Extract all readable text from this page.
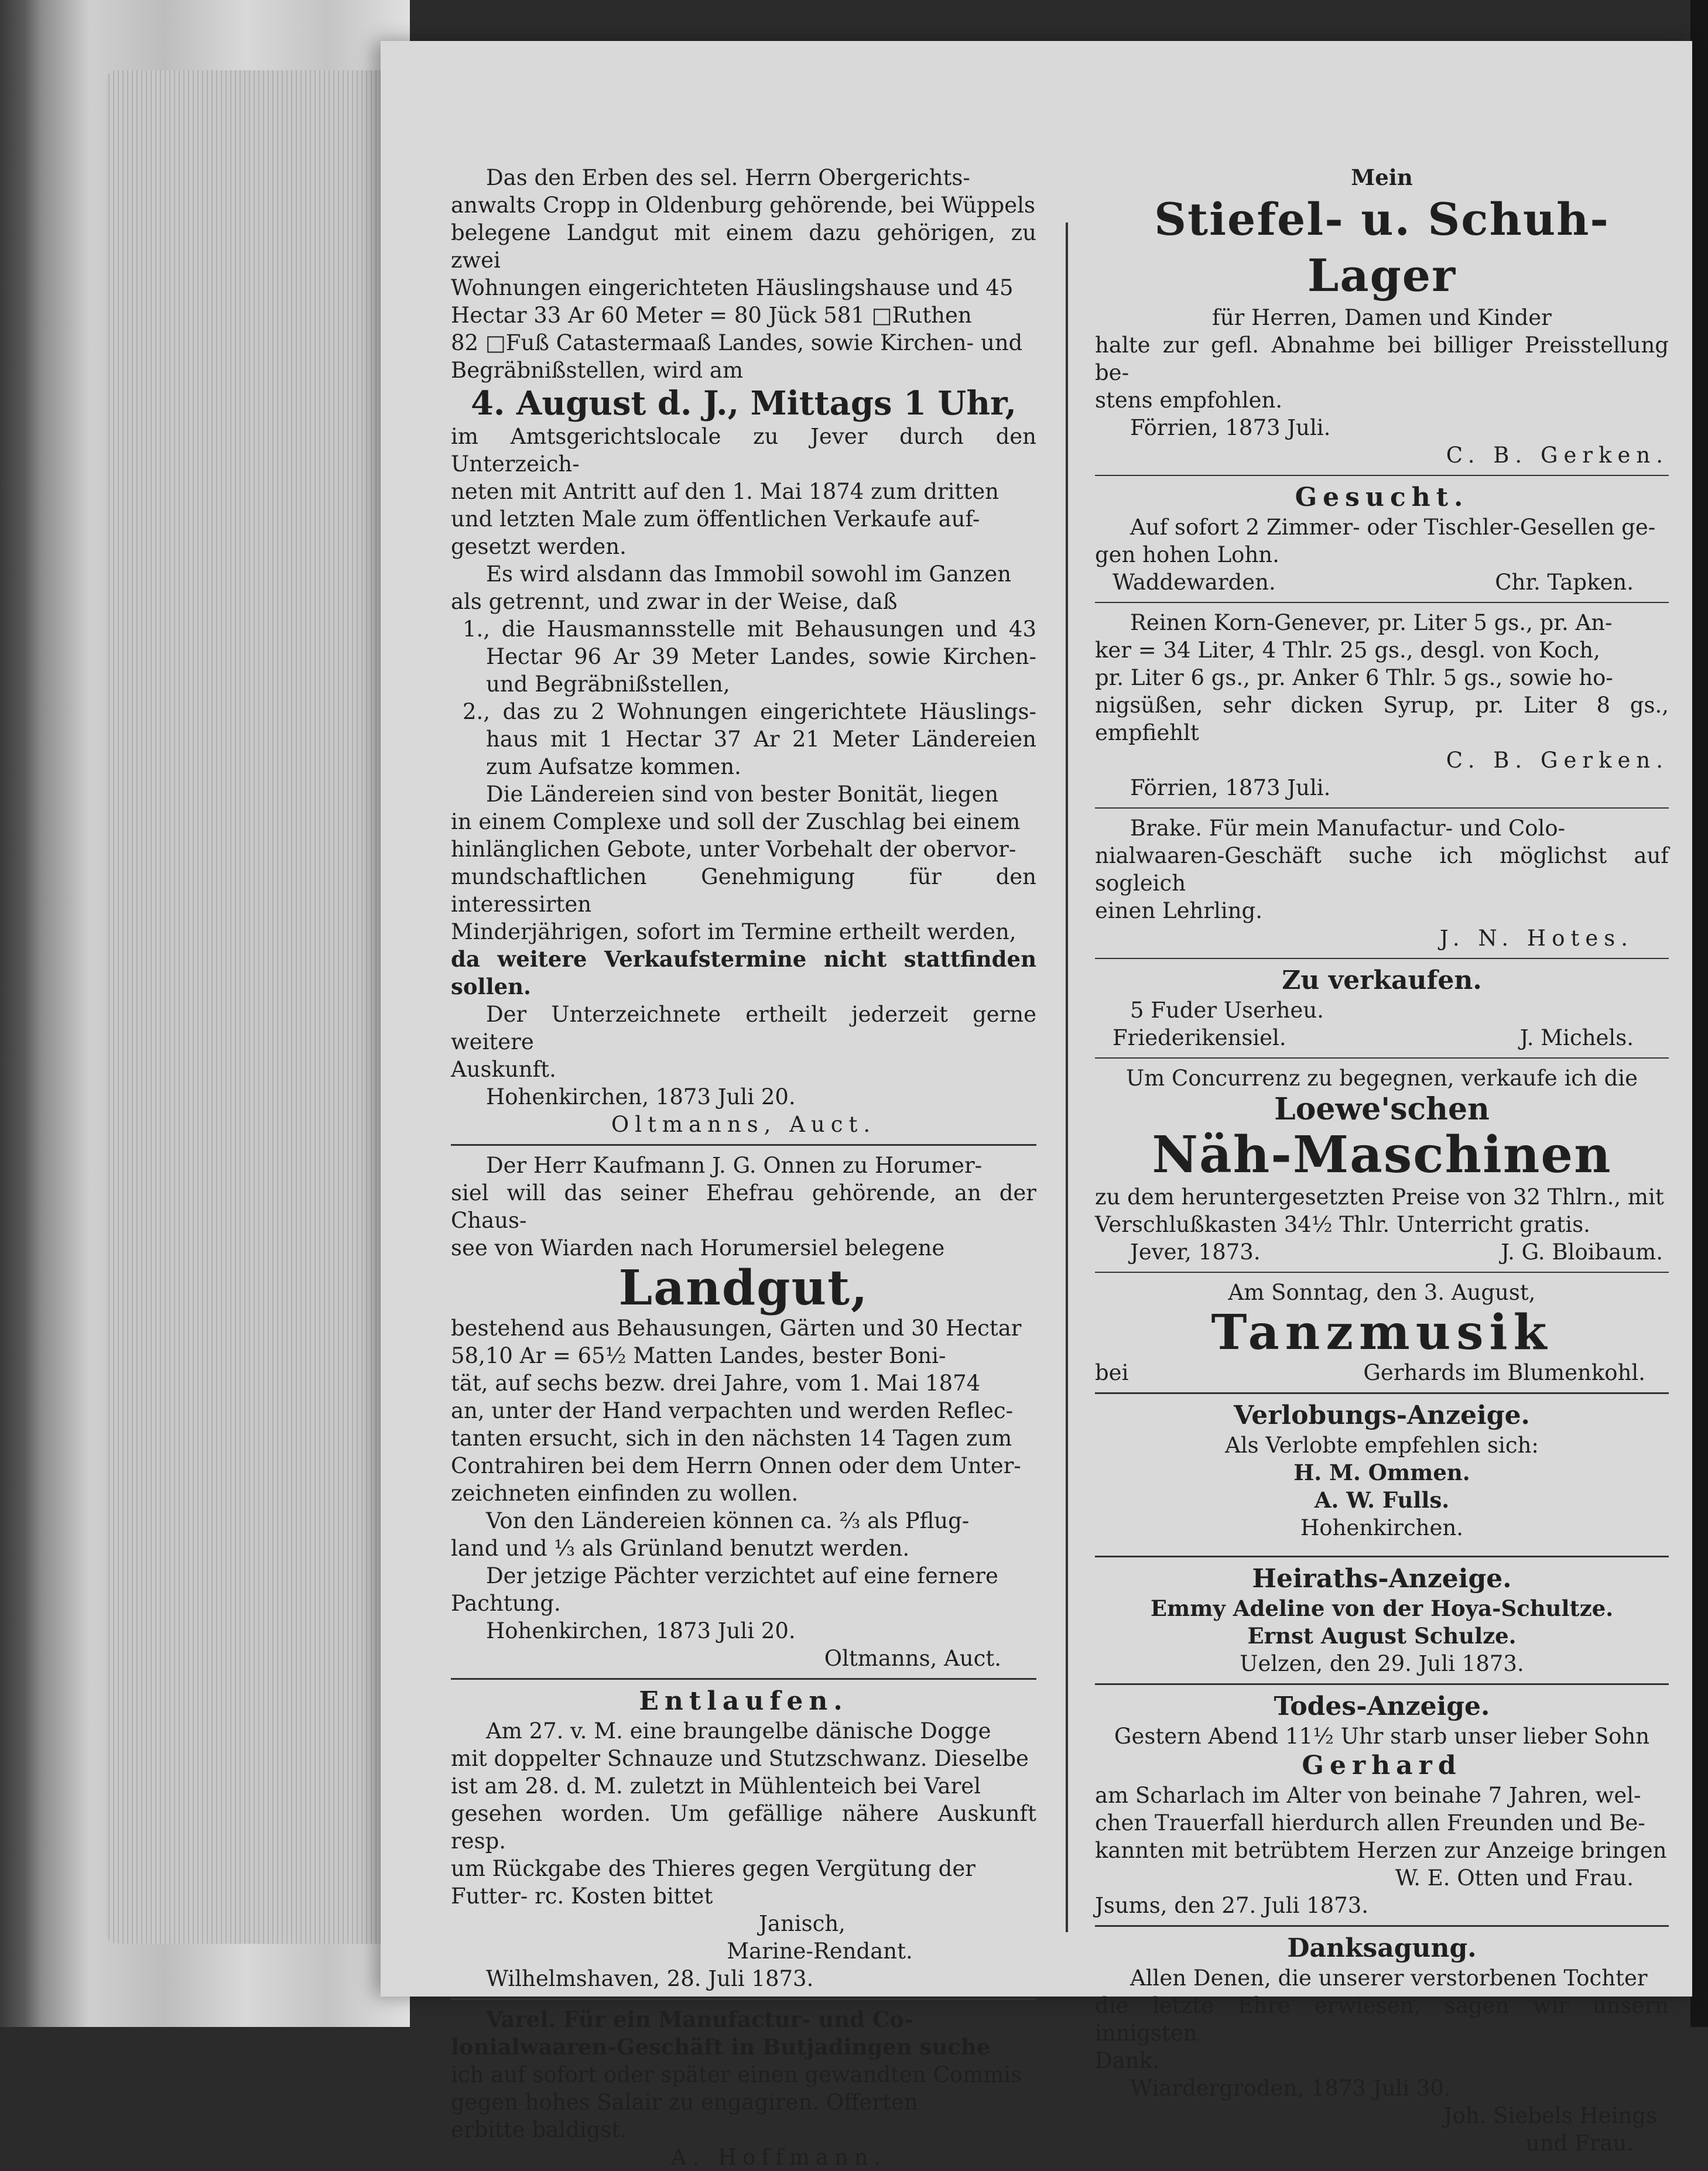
Das den Erben des sel. Herrn Obergerichts-

anwalts Cropp in Oldenburg gehörende, bei Wüppels

belegene Landgut mit einem dazu gehörigen, zu zwei

Wohnungen eingerichteten Häuslingshause und 45

Hectar 33 Ar 60 Meter = 80 Jück 581 □Ruthen

82 □Fuß Catastermaaß Landes, sowie Kirchen- und

Begräbnißstellen, wird am

4. August d. J., Mittags 1 Uhr,

im Amtsgerichtslocale zu Jever durch den Unterzeich-

neten mit Antritt auf den 1. Mai 1874 zum dritten

und letzten Male zum öffentlichen Verkaufe auf-

gesetzt werden.

Es wird alsdann das Immobil sowohl im Ganzen

als getrennt, und zwar in der Weise, daß

1., die Hausmannsstelle mit Behausungen und 43 Hectar 96 Ar 39 Meter Landes, sowie Kirchen- und Begräbnißstellen,

2., das zu 2 Wohnungen eingerichtete Häuslings- haus mit 1 Hectar 37 Ar 21 Meter Ländereien zum Aufsatze kommen.

Die Ländereien sind von bester Bonität, liegen

in einem Complexe und soll der Zuschlag bei einem

hinlänglichen Gebote, unter Vorbehalt der obervor-

mundschaftlichen Genehmigung für den interessirten

Minderjährigen, sofort im Termine ertheilt werden,

da weitere Verkaufstermine nicht stattfinden sollen.

Der Unterzeichnete ertheilt jederzeit gerne weitere

Auskunft.

Hohenkirchen, 1873 Juli 20.

Oltmanns, Auct.

Der Herr Kaufmann J. G. Onnen zu Horumer-

siel will das seiner Ehefrau gehörende, an der Chaus-

see von Wiarden nach Horumersiel belegene

Landgut,

bestehend aus Behausungen, Gärten und 30 Hectar

58,10 Ar = 65½ Matten Landes, bester Boni-

tät, auf sechs bezw. drei Jahre, vom 1. Mai 1874

an, unter der Hand verpachten und werden Reflec-

tanten ersucht, sich in den nächsten 14 Tagen zum

Contrahiren bei dem Herrn Onnen oder dem Unter-

zeichneten einfinden zu wollen.

Von den Ländereien können ca. ⅔ als Pflug-

land und ⅓ als Grünland benutzt werden.

Der jetzige Pächter verzichtet auf eine fernere

Pachtung.

Hohenkirchen, 1873 Juli 20.

Oltmanns, Auct.

Entlaufen.

Am 27. v. M. eine braungelbe dänische Dogge

mit doppelter Schnauze und Stutzschwanz. Dieselbe

ist am 28. d. M. zuletzt in Mühlenteich bei Varel

gesehen worden. Um gefällige nähere Auskunft resp.

um Rückgabe des Thieres gegen Vergütung der

Futter- rc. Kosten bittet

Janisch,

Marine-Rendant.

Wilhelmshaven, 28. Juli 1873.

Varel. Für ein Manufactur- und Co-

lonialwaaren-Geschäft in Butjadingen suche

ich auf sofort oder später einen gewandten Commis

gegen hohes Salair zu engagiren. Offerten

erbitte baldigst.

A. Hoffmann.

Mein

Stiefel- u. Schuh-Lager

für Herren, Damen und Kinder

halte zur gefl. Abnahme bei billiger Preisstellung be-

stens empfohlen.

Förrien, 1873 Juli.

C. B. Gerken.

Gesucht.

Auf sofort 2 Zimmer- oder Tischler-Gesellen ge-

gen hohen Lohn.

Waddewarden.	Chr. Tapken.

Reinen Korn-Genever, pr. Liter 5 gs., pr. An-

ker = 34 Liter, 4 Thlr. 25 gs., desgl. von Koch,

pr. Liter 6 gs., pr. Anker 6 Thlr. 5 gs., sowie ho-

nigsüßen, sehr dicken Syrup, pr. Liter 8 gs., empfiehlt

C. B. Gerken.

Förrien, 1873 Juli.

Brake. Für mein Manufactur- und Colo-

nialwaaren-Geschäft suche ich möglichst auf sogleich

einen Lehrling.

J. N. Hotes.

Zu verkaufen.

5 Fuder Userheu.

Friederikensiel.	J. Michels.

Um Concurrenz zu begegnen, verkaufe ich die

Loewe'schen

Näh-Maschinen

zu dem heruntergesetzten Preise von 32 Thlrn., mit

Verschlußkasten 34½ Thlr. Unterricht gratis.

Jever, 1873.	J. G. Bloibaum.

Am Sonntag, den 3. August,

Tanzmusik

bei	Gerhards im Blumenkohl.

Verlobungs-Anzeige.

Als Verlobte empfehlen sich:

H. M. Ommen.

A. W. Fulls.

Hohenkirchen.

Heiraths-Anzeige.

Emmy Adeline von der Hoya-Schultze.

Ernst August Schulze.

Uelzen, den 29. Juli 1873.

Todes-Anzeige.

Gestern Abend 11½ Uhr starb unser lieber Sohn

Gerhard

am Scharlach im Alter von beinahe 7 Jahren, wel-

chen Trauerfall hierdurch allen Freunden und Be-

kannten mit betrübtem Herzen zur Anzeige bringen

W. E. Otten und Frau.

Jsums, den 27. Juli 1873.

Danksagung.

Allen Denen, die unserer verstorbenen Tochter

die letzte Ehre erwiesen, sagen wir unsern innigsten

Dank.

Wiardergroden, 1873 Juli 30.

Joh. Siebels Heings

und Frau.
